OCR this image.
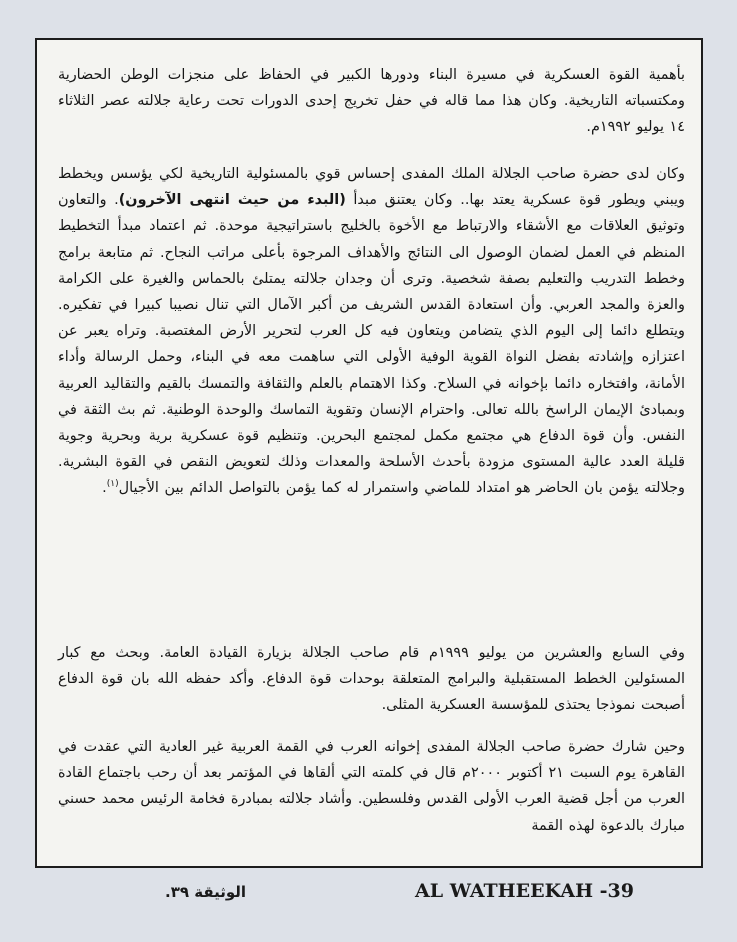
بأهمية القوة العسكرية في مسيرة البناء ودورها الكبير في الحفاظ على منجزات الوطن الحضارية ومكتسباته التاريخية. وكان هذا مما قاله في حفل تخريج إحدى الدورات تحت رعاية جلالته عصر الثلاثاء ١٤ يوليو ١٩٩٢م.

وكان لدى حضرة صاحب الجلالة الملك المفدى إحساس قوي بالمسئولية التاريخية لكي يؤسس ويخطط ويبني ويطور قوة عسكرية يعتد بها.. وكان يعتنق مبدأ (البدء من حيث انتهى الآخرون). والتعاون وتوثيق العلاقات مع الأشقاء والارتباط مع الأخوة بالخليج باستراتيجية موحدة. ثم اعتماد مبدأ التخطيط المنظم في العمل لضمان الوصول الى النتائج والأهداف المرجوة بأعلى مراتب النجاح. ثم متابعة برامج وخطط التدريب والتعليم بصفة شخصية. وترى أن وجدان جلالته يمتلئ بالحماس والغيرة على الكرامة والعزة والمجد العربي. وأن استعادة القدس الشريف من أكبر الآمال التي تنال نصيبا كبيرا في تفكيره. ويتطلع دائما إلى اليوم الذي يتضامن ويتعاون فيه كل العرب لتحرير الأرض المغتصبة. وتراه يعبر عن اعتزازه وإشادته بفضل النواة القوية الوفية الأولى التي ساهمت معه في البناء، وحمل الرسالة وأداء الأمانة، وافتخاره دائما بإخوانه في السلاح. وكذا الاهتمام بالعلم والثقافة والتمسك بالقيم والتقاليد العربية وبمبادئ الإيمان الراسخ بالله تعالى. واحترام الإنسان وتقوية التماسك والوحدة الوطنية. ثم بث الثقة في النفس. وأن قوة الدفاع هي مجتمع مكمل لمجتمع البحرين. وتنظيم قوة عسكرية برية وبحرية وجوية قليلة العدد عالية المستوى مزودة بأحدث الأسلحة والمعدات وذلك لتعويض النقص في القوة البشرية. وجلالته يؤمن بان الحاضر هو امتداد للماضي واستمرار له كما يؤمن بالتواصل الدائم بين الأجيال$^{(١)}$.

وفي السابع والعشرين من يوليو ١٩٩٩م قام صاحب الجلالة بزيارة القيادة العامة. وبحث مع كبار المسئولين الخطط المستقبلية والبرامج المتعلقة بوحدات قوة الدفاع. وأكد حفظه الله بان قوة الدفاع أصبحت نموذجا يحتذى للمؤسسة العسكرية المثلى.

وحين شارك حضرة صاحب الجلالة المفدى إخوانه العرب في القمة العربية غير العادية التي عقدت في القاهرة يوم السبت ٢١ أكتوبر ٢٠٠٠م قال في كلمته التي ألقاها في المؤتمر بعد أن رحب باجتماع القادة العرب من أجل قضية العرب الأولى القدس وفلسطين. وأشاد جلالته بمبادرة فخامة الرئيس محمد حسني مبارك بالدعوة لهذه القمة

AL WATHEEKAH -39
الوثيقة ٣٩.
